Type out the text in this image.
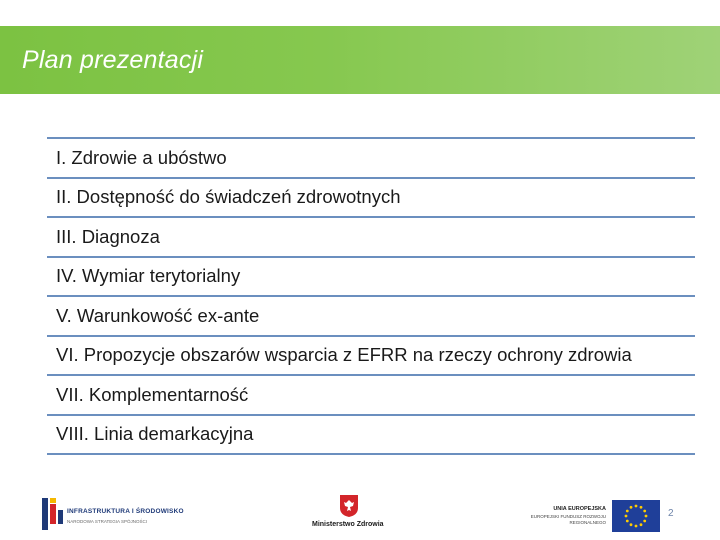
Plan prezentacji
I. Zdrowie a ubóstwo
II. Dostępność do świadczeń zdrowotnych
III. Diagnoza
IV. Wymiar terytorialny
V. Warunkowość ex-ante
VI. Propozycje obszarów wsparcia z EFRR na rzeczy ochrony zdrowia
VII. Komplementarność
VIII. Linia demarkacyjna
INFRASTRUKTURA I ŚRODOWISKO
NARODOWA STRATEGIA SPÓJNOŚCI	Ministerstwo Zdrowia
UNIA EUROPEJSKA
EUROPEJSKI FUNDUSZ ROZWOJU REGIONALNEGO
2
